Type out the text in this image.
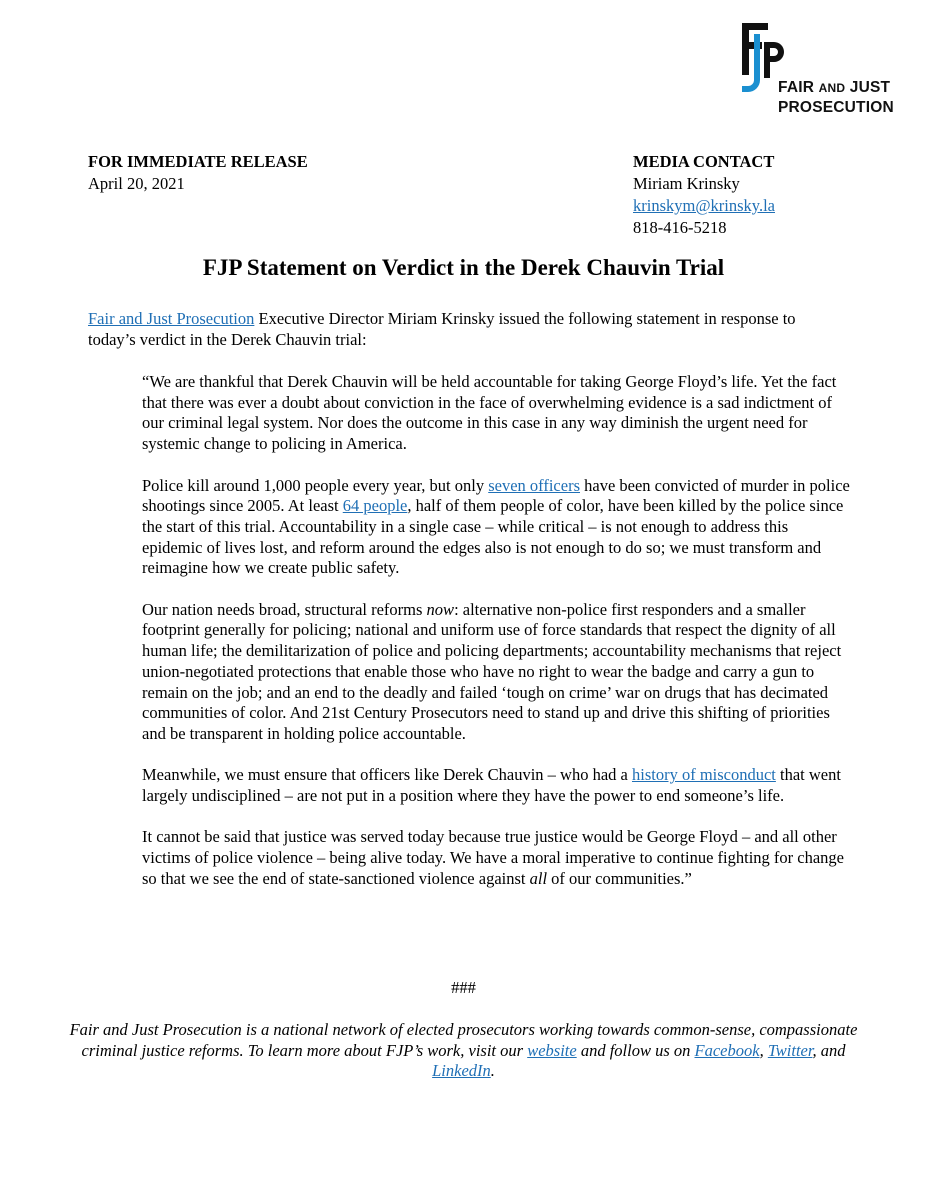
FJP
FAIR AND JUST
PROSECUTION
FOR IMMEDIATE RELEASE
April 20, 2021
MEDIA CONTACT
Miriam Krinsky
krinskym@krinsky.la
818-416-5218
FJP Statement on Verdict in the Derek Chauvin Trial
Fair and Just Prosecution Executive Director Miriam Krinsky issued the following statement in response to today’s verdict in the Derek Chauvin trial:

“We are thankful that Derek Chauvin will be held accountable for taking George Floyd’s life. Yet the fact that there was ever a doubt about conviction in the face of overwhelming evidence is a sad indictment of our criminal legal system. Nor does the outcome in this case in any way diminish the urgent need for systemic change to policing in America.

Police kill around 1,000 people every year, but only seven officers have been convicted of murder in police shootings since 2005. At least 64 people, half of them people of color, have been killed by the police since the start of this trial. Accountability in a single case – while critical – is not enough to address this epidemic of lives lost, and reform around the edges also is not enough to do so; we must transform and reimagine how we create public safety.

Our nation needs broad, structural reforms now: alternative non-police first responders and a smaller footprint generally for policing; national and uniform use of force standards that respect the dignity of all human life; the demilitarization of police and policing departments; accountability mechanisms that reject union-negotiated protections that enable those who have no right to wear the badge and carry a gun to remain on the job; and an end to the deadly and failed ‘tough on crime’ war on drugs that has decimated communities of color. And 21st Century Prosecutors need to stand up and drive this shifting of priorities and be transparent in holding police accountable.

Meanwhile, we must ensure that officers like Derek Chauvin – who had a history of misconduct that went largely undisciplined – are not put in a position where they have the power to end someone’s life.

It cannot be said that justice was served today because true justice would be George Floyd – and all other victims of police violence – being alive today. We have a moral imperative to continue fighting for change so that we see the end of state-sanctioned violence against all of our communities.”

###
Fair and Just Prosecution is a national network of elected prosecutors working towards common-sense, compassionate criminal justice reforms. To learn more about FJP’s work, visit our website and follow us on Facebook, Twitter, and LinkedIn.
